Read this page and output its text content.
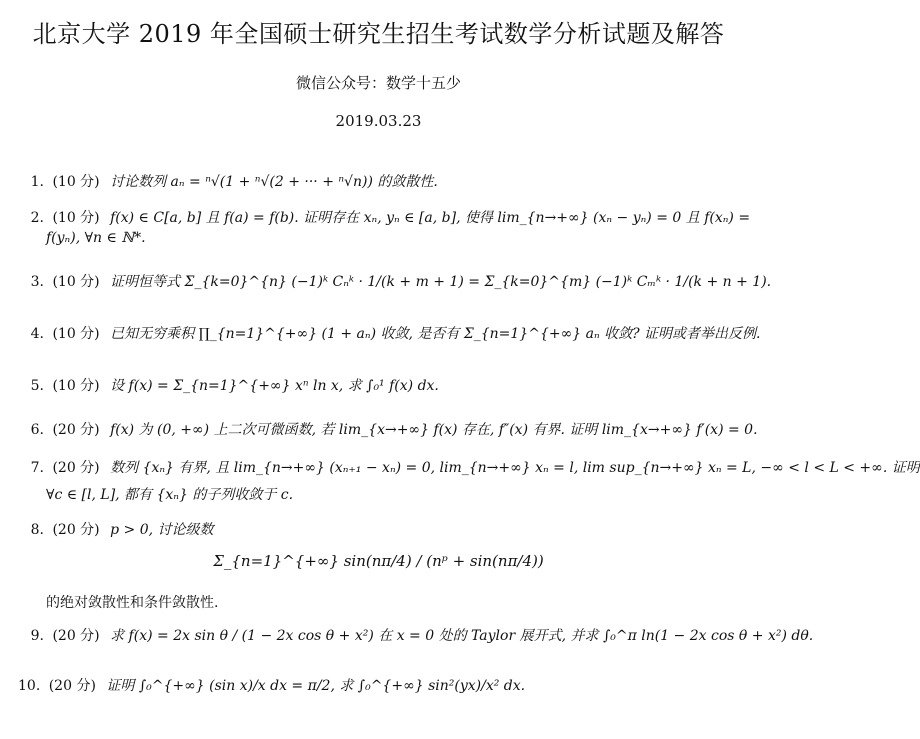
北京大学 2019 年全国硕士研究生招生考试数学分析试题及解答
微信公众号：数学十五少
2019.03.23
1. (10 分) 讨论数列 aₙ = ⁿ√(1 + ⁿ√(2 + ··· + ⁿ√n)) 的敛散性.
2. (10 分) f(x) ∈ C[a, b] 且 f(a) = f(b). 证明存在 xₙ, yₙ ∈ [a, b], 使得 lim_{n→+∞} (xₙ − yₙ) = 0 且 f(xₙ) =
f(yₙ), ∀n ∈ ℕ*.
3. (10 分) 证明恒等式 Σ_{k=0}^{n} (−1)ᵏ Cₙᵏ · 1/(k + m + 1) = Σ_{k=0}^{m} (−1)ᵏ Cₘᵏ · 1/(k + n + 1).
4. (10 分) 已知无穷乘积 ∏_{n=1}^{+∞} (1 + aₙ) 收敛, 是否有 Σ_{n=1}^{+∞} aₙ 收敛? 证明或者举出反例.
5. (10 分) 设 f(x) = Σ_{n=1}^{+∞} xⁿ ln x, 求 ∫₀¹ f(x) dx.
6. (20 分) f(x) 为 (0, +∞) 上二次可微函数, 若 lim_{x→+∞} f(x) 存在, f″(x) 有界. 证明 lim_{x→+∞} f′(x) = 0.
7. (20 分) 数列 {xₙ} 有界, 且 lim_{n→+∞} (xₙ₊₁ − xₙ) = 0, lim_{n→+∞} xₙ = l, lim sup_{n→+∞} xₙ = L, −∞ < l < L < +∞. 证明
∀c ∈ [l, L], 都有 {xₙ} 的子列收敛于 c.
8. (20 分) p > 0, 讨论级数
Σ_{n=1}^{+∞} sin(nπ/4) / (nᵖ + sin(nπ/4))
的绝对敛散性和条件敛散性.
9. (20 分) 求 f(x) = 2x sin θ / (1 − 2x cos θ + x²) 在 x = 0 处的 Taylor 展开式, 并求 ∫₀^π ln(1 − 2x cos θ + x²) dθ.
10. (20 分) 证明 ∫₀^{+∞} (sin x)/x dx = π/2, 求 ∫₀^{+∞} sin²(yx)/x² dx.
